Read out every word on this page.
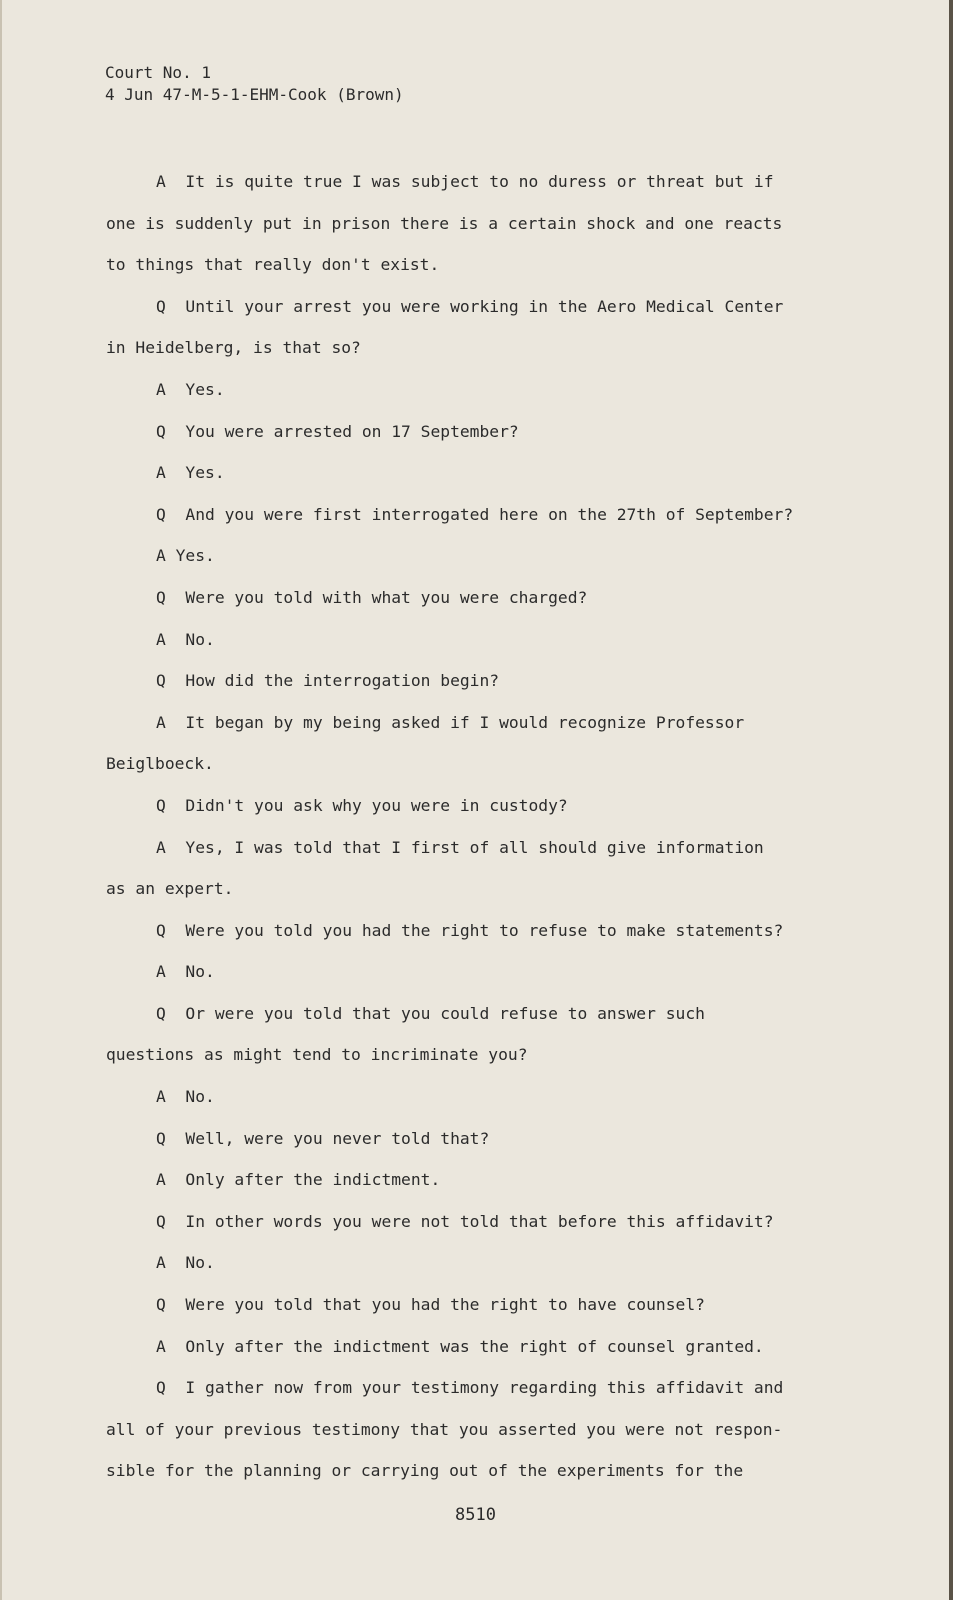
Court No. 1
4 Jun 47-M-5-1-EHM-Cook (Brown)
A  It is quite true I was subject to no duress or threat but if
one is suddenly put in prison there is a certain shock and one reacts
to things that really don't exist.
Q  Until your arrest you were working in the Aero Medical Center
in Heidelberg, is that so?
A  Yes.
Q  You were arrested on 17 September?
A  Yes.
Q  And you were first interrogated here on the 27th of September?
A Yes.
Q  Were you told with what you were charged?
A  No.
Q  How did the interrogation begin?
A  It began by my being asked if I would recognize Professor
Beiglboeck.
Q  Didn't you ask why you were in custody?
A  Yes, I was told that I first of all should give information
as an expert.
Q  Were you told you had the right to refuse to make statements?
A  No.
Q  Or were you told that you could refuse to answer such
questions as might tend to incriminate you?
A  No.
Q  Well, were you never told that?
A  Only after the indictment.
Q  In other words you were not told that before this affidavit?
A  No.
Q  Were you told that you had the right to have counsel?
A  Only after the indictment was the right of counsel granted.
Q  I gather now from your testimony regarding this affidavit and
all of your previous testimony that you asserted you were not respon-
sible for the planning or carrying out of the experiments for the
8510
